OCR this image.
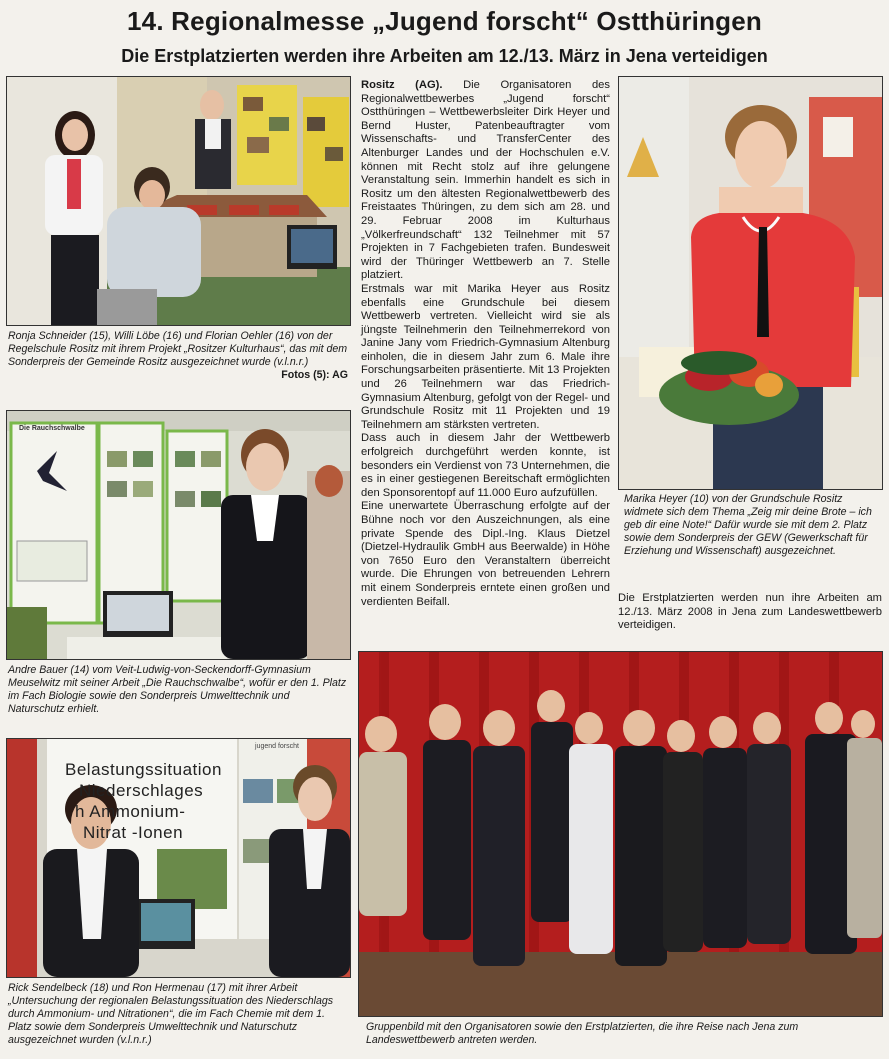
14. Regionalmesse „Jugend forscht“ Ostthüringen
Die Erstplatzierten werden ihre Arbeiten am 12./13. März in Jena verteidigen
Ronja Schneider (15), Willi Löbe (16) und Florian Oehler (16) von der Regelschule Rositz mit ihrem Projekt „Rositzer Kulturhaus“, das mit dem Sonderpreis der Gemeinde Rositz ausgezeichnet wurde (v.l.n.r.)
Fotos (5): AG
Die Rauchschwalbe
Andre Bauer (14) vom Veit-Ludwig-von-Seckendorff-Gymnasium Meuselwitz mit seiner Arbeit „Die Rauchschwalbe“, wofür er den 1. Platz im Fach Biologie sowie den Sonderpreis Umwelttechnik und Naturschutz erhielt.
Belastungssituation
Niederschlages
h Ammonium-
Nitrat -Ionen
jugend forscht
Rick Sendelbeck (18) und Ron Hermenau (17) mit ihrer Arbeit „Untersuchung der regionalen Belastungssituation des Niederschlags durch Ammonium- und Nitrationen“, die im Fach Chemie mit dem 1. Platz sowie dem Sonderpreis Umwelttechnik und Naturschutz ausgezeichnet wurden (v.l.n.r.)

Rositz (AG). Die Organisatoren des Regionalwettbewerbes „Jugend forscht“ Ostthüringen – Wettbewerbsleiter Dirk Heyer und Bernd Huster, Patenbeauftragter vom Wissenschafts- und TransferCenter des Altenburger Landes und der Hochschulen e.V. können mit Recht stolz auf ihre gelungene Veranstaltung sein. Immerhin handelt es sich in Rositz um den ältesten Regionalwettbewerb des Freistaates Thüringen, zu dem sich am 28. und 29. Februar 2008 im Kulturhaus „Völkerfreundschaft“ 132 Teilnehmer mit 57 Projekten in 7 Fachgebieten trafen. Bundesweit wird der Thüringer Wettbewerb an 7. Stelle platziert.

Erstmals war mit Marika Heyer aus Rositz ebenfalls eine Grundschule bei diesem Wettbewerb vertreten. Vielleicht wird sie als jüngste Teilnehmerin den Teilnehmerrekord von Janine Jany vom Friedrich-Gymnasium Altenburg einholen, die in diesem Jahr zum 6. Male ihre Forschungsarbeiten präsentierte. Mit 13 Projekten und 26 Teilnehmern war das Friedrich-Gymnasium Altenburg, gefolgt von der Regel- und Grundschule Rositz mit 11 Projekten und 19 Teilnehmern am stärksten vertreten.

Dass auch in diesem Jahr der Wettbewerb erfolgreich durchgeführt werden konnte, ist besonders ein Verdienst von 73 Unternehmen, die es in einer gestiegenen Bereitschaft ermöglichten den Sponsorentopf auf 11.000 Euro aufzufüllen.

Eine unerwartete Überraschung erfolgte auf der Bühne noch vor den Auszeichnungen, als eine private Spende des Dipl.-Ing. Klaus Dietzel (Dietzel-Hydraulik GmbH aus Beerwalde) in Höhe von 7650 Euro den Veranstaltern überreicht wurde. Die Ehrungen von betreuenden Lehrern mit einem Sonderpreis erntete einen großen und verdienten Beifall.

Marika Heyer (10) von der Grundschule Rositz widmete sich dem Thema „Zeig mir deine Brote – ich geb dir eine Note!“ Dafür wurde sie mit dem 2. Platz sowie dem Sonderpreis der GEW (Gewerkschaft für Erziehung und Wissenschaft) ausgezeichnet.
Die Erstplatzierten werden nun ihre Arbeiten am 12./13. März 2008 in Jena zum Landeswettbewerb verteidigen.
Gruppenbild mit den Organisatoren sowie den Erstplatzierten, die ihre Reise nach Jena zum Landeswettbewerb antreten werden.
